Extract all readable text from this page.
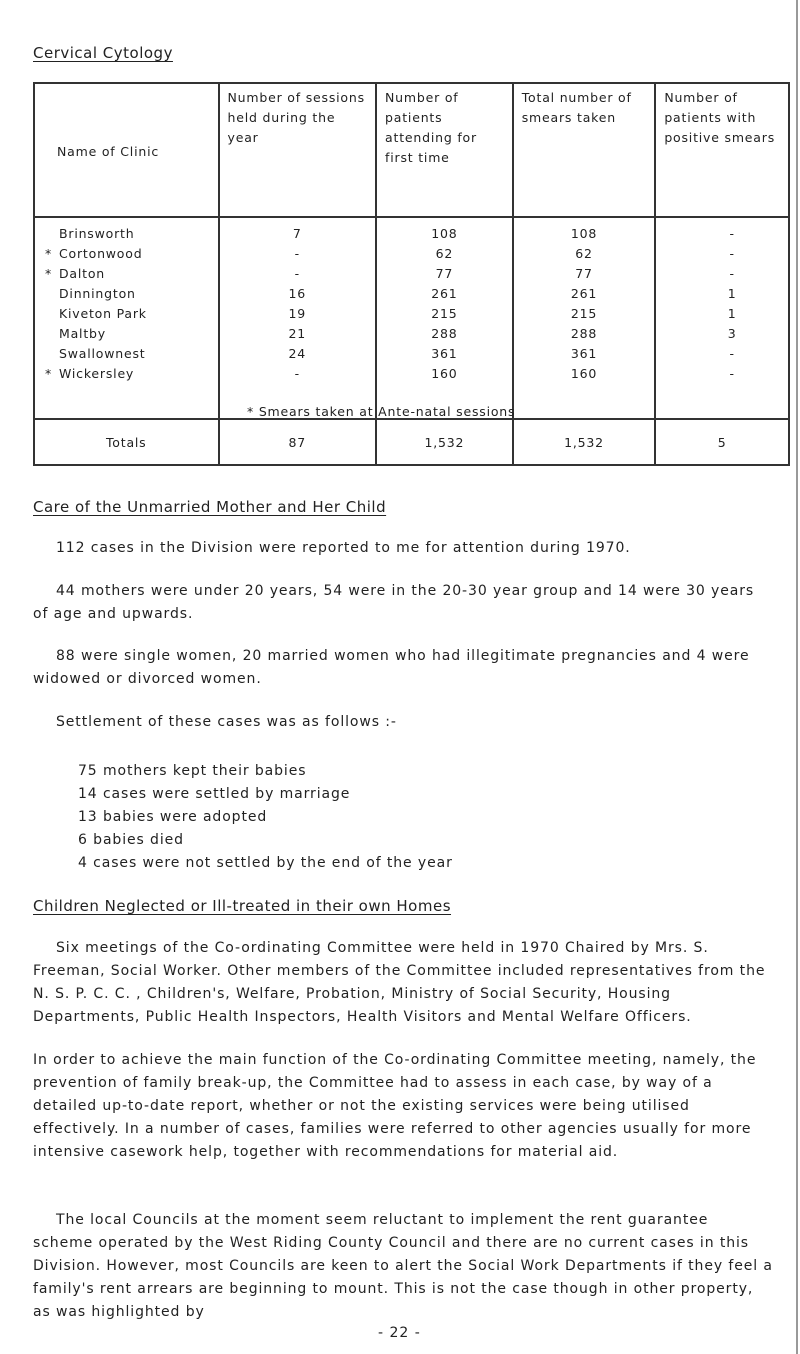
Cervical Cytology
Name of Clinic	Number of sessions held during the year	Number of patients attending for first time	Total number of smears taken	Number of patients with positive smears
Brinsworth	7	108	108	-
* Cortonwood	-	62	62	-
* Dalton	-	77	77	-
Dinnington	16	261	261	1
Kiveton Park	19	215	215	1
Maltby	21	288	288	3
Swallownest	24	361	361	-
* Wickersley	-	160	160	-

Totals	87	1,532	1,532	5
* Smears taken at Ante-natal sessions
Care of the Unmarried Mother and Her Child
112 cases in the Division were reported to me for attention during 1970.
44 mothers were under 20 years, 54 were in the 20-30 year group and 14 were 30 years of age and upwards.
88 were single women, 20 married women who had illegitimate pregnancies and 4 were widowed or divorced women.
Settlement of these cases was as follows :-
75 mothers kept their babies
14 cases were settled by marriage
13 babies were adopted
6 babies died
4 cases were not settled by the end of the year
Children Neglected or Ill-treated in their own Homes
Six meetings of the Co-ordinating Committee were held in 1970 Chaired by Mrs. S. Freeman, Social Worker. Other members of the Committee included representatives from the N. S. P. C. C. , Children's, Welfare, Probation, Ministry of Social Security, Housing Departments, Public Health Inspectors, Health Visitors and Mental Welfare Officers.
In order to achieve the main function of the Co-ordinating Committee meeting, namely, the prevention of family break-up, the Committee had to assess in each case, by way of a detailed up-to-date report, whether or not the existing services were being utilised effectively. In a number of cases, families were referred to other agencies usually for more intensive casework help, together with recommendations for material aid.
The local Councils at the moment seem reluctant to implement the rent guarantee scheme operated by the West Riding County Council and there are no current cases in this Division. However, most Councils are keen to alert the Social Work Departments if they feel a family's rent arrears are beginning to mount. This is not the case though in other property, as was highlighted by
- 22 -
